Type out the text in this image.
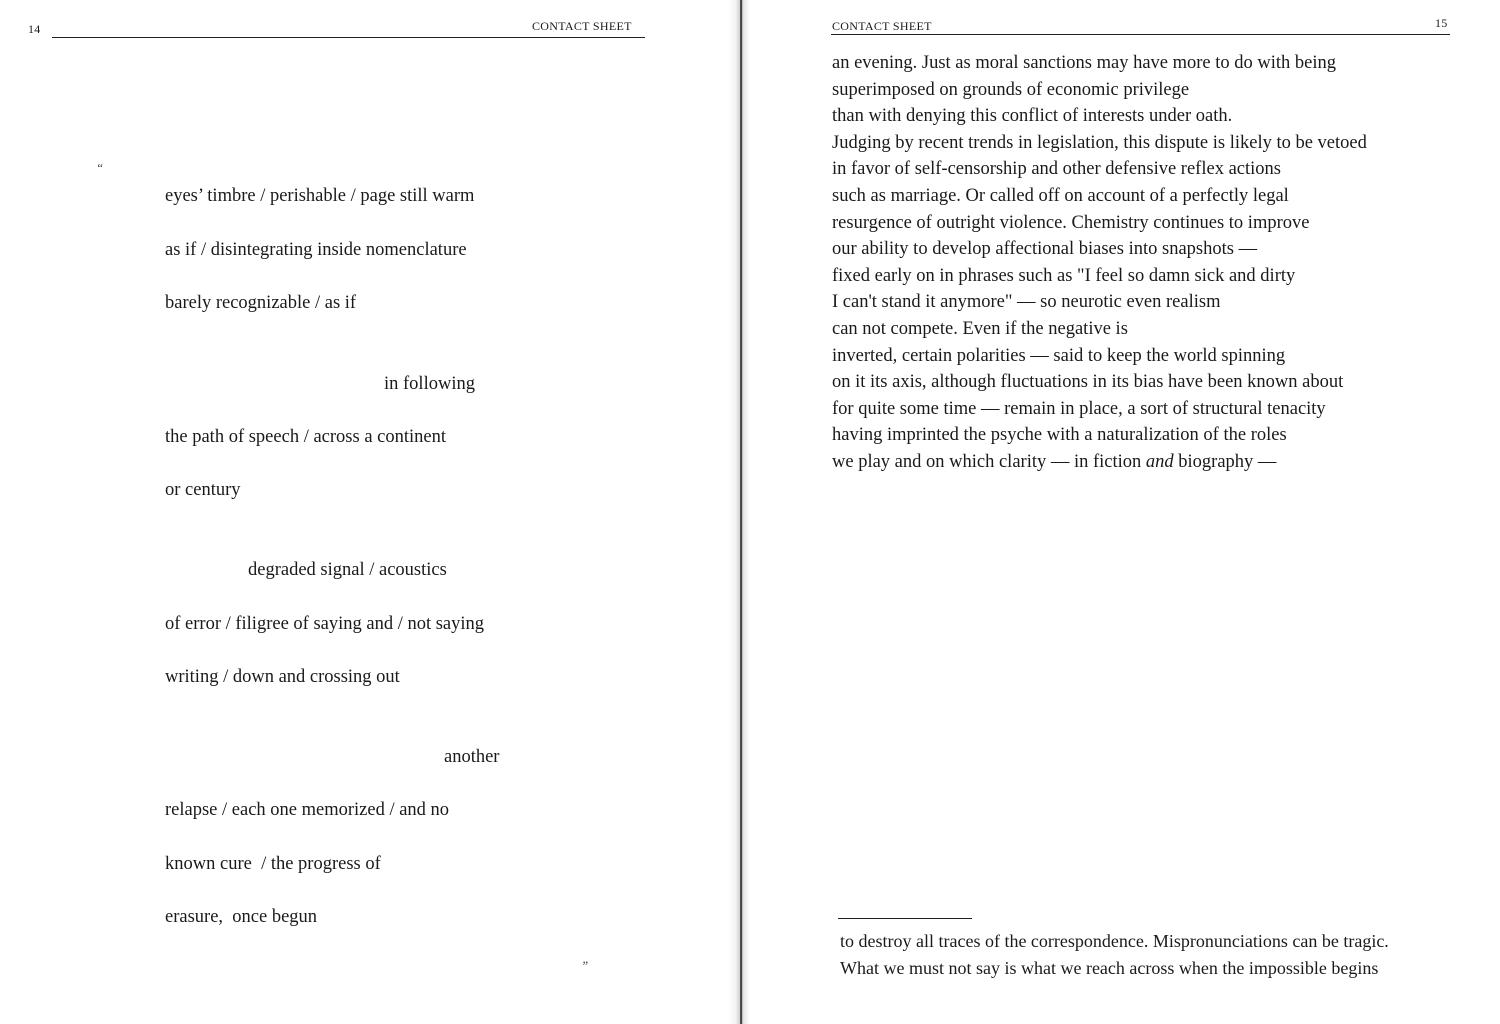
14	CONTACT SHEET
“
eyes’ timbre / perishable / page still warm
as if / disintegrating inside nomenclature
barely recognizable / as if
in following
the path of speech / across a continent
or century
degraded signal / acoustics
of error / filigree of saying and / not saying
writing / down and crossing out
another
relapse / each one memorized / and no
known cure  / the progress of
erasure,  once begun
”
CONTACT SHEET	15
an evening. Just as moral sanctions may have more to do with being
superimposed on grounds of economic privilege
than with denying this conflict of interests under oath.
Judging by recent trends in legislation, this dispute is likely to be vetoed
in favor of self-censorship and other defensive reflex actions
such as marriage. Or called off on account of a perfectly legal
resurgence of outright violence. Chemistry continues to improve
our ability to develop affectional biases into snapshots —
fixed early on in phrases such as "I feel so damn sick and dirty
I can't stand it anymore" — so neurotic even realism
can not compete. Even if the negative is
inverted, certain polarities — said to keep the world spinning
on it its axis, although fluctuations in its bias have been known about
for quite some time — remain in place, a sort of structural tenacity
having imprinted the psyche with a naturalization of the roles
we play and on which clarity — in fiction and biography —
to destroy all traces of the correspondence. Mispronunciations can be tragic.
What we must not say is what we reach across when the impossible begins
